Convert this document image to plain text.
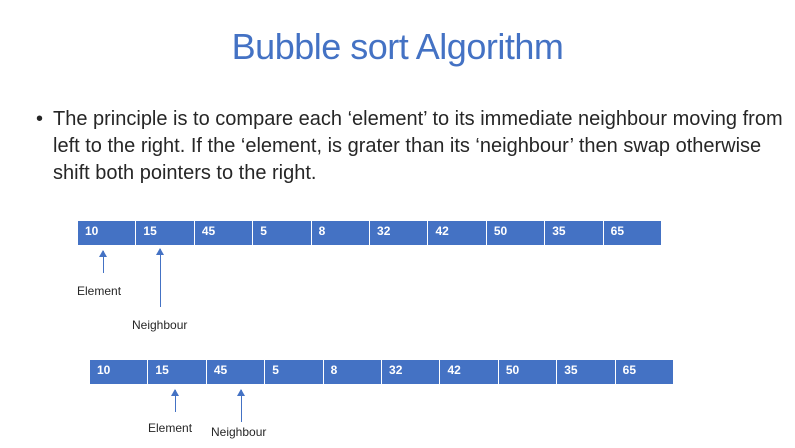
Bubble sort Algorithm
• The principle is to compare each ‘element’ to its immediate neighbour moving from left to the right. If the ‘element, is grater than its ‘neighbour’ then swap otherwise shift both pointers to the right.
10	15	45	5	8	32	42	50	35	65
Element
Neighbour
10	15	45	5	8	32	42	50	35	65
Element Neighbour
